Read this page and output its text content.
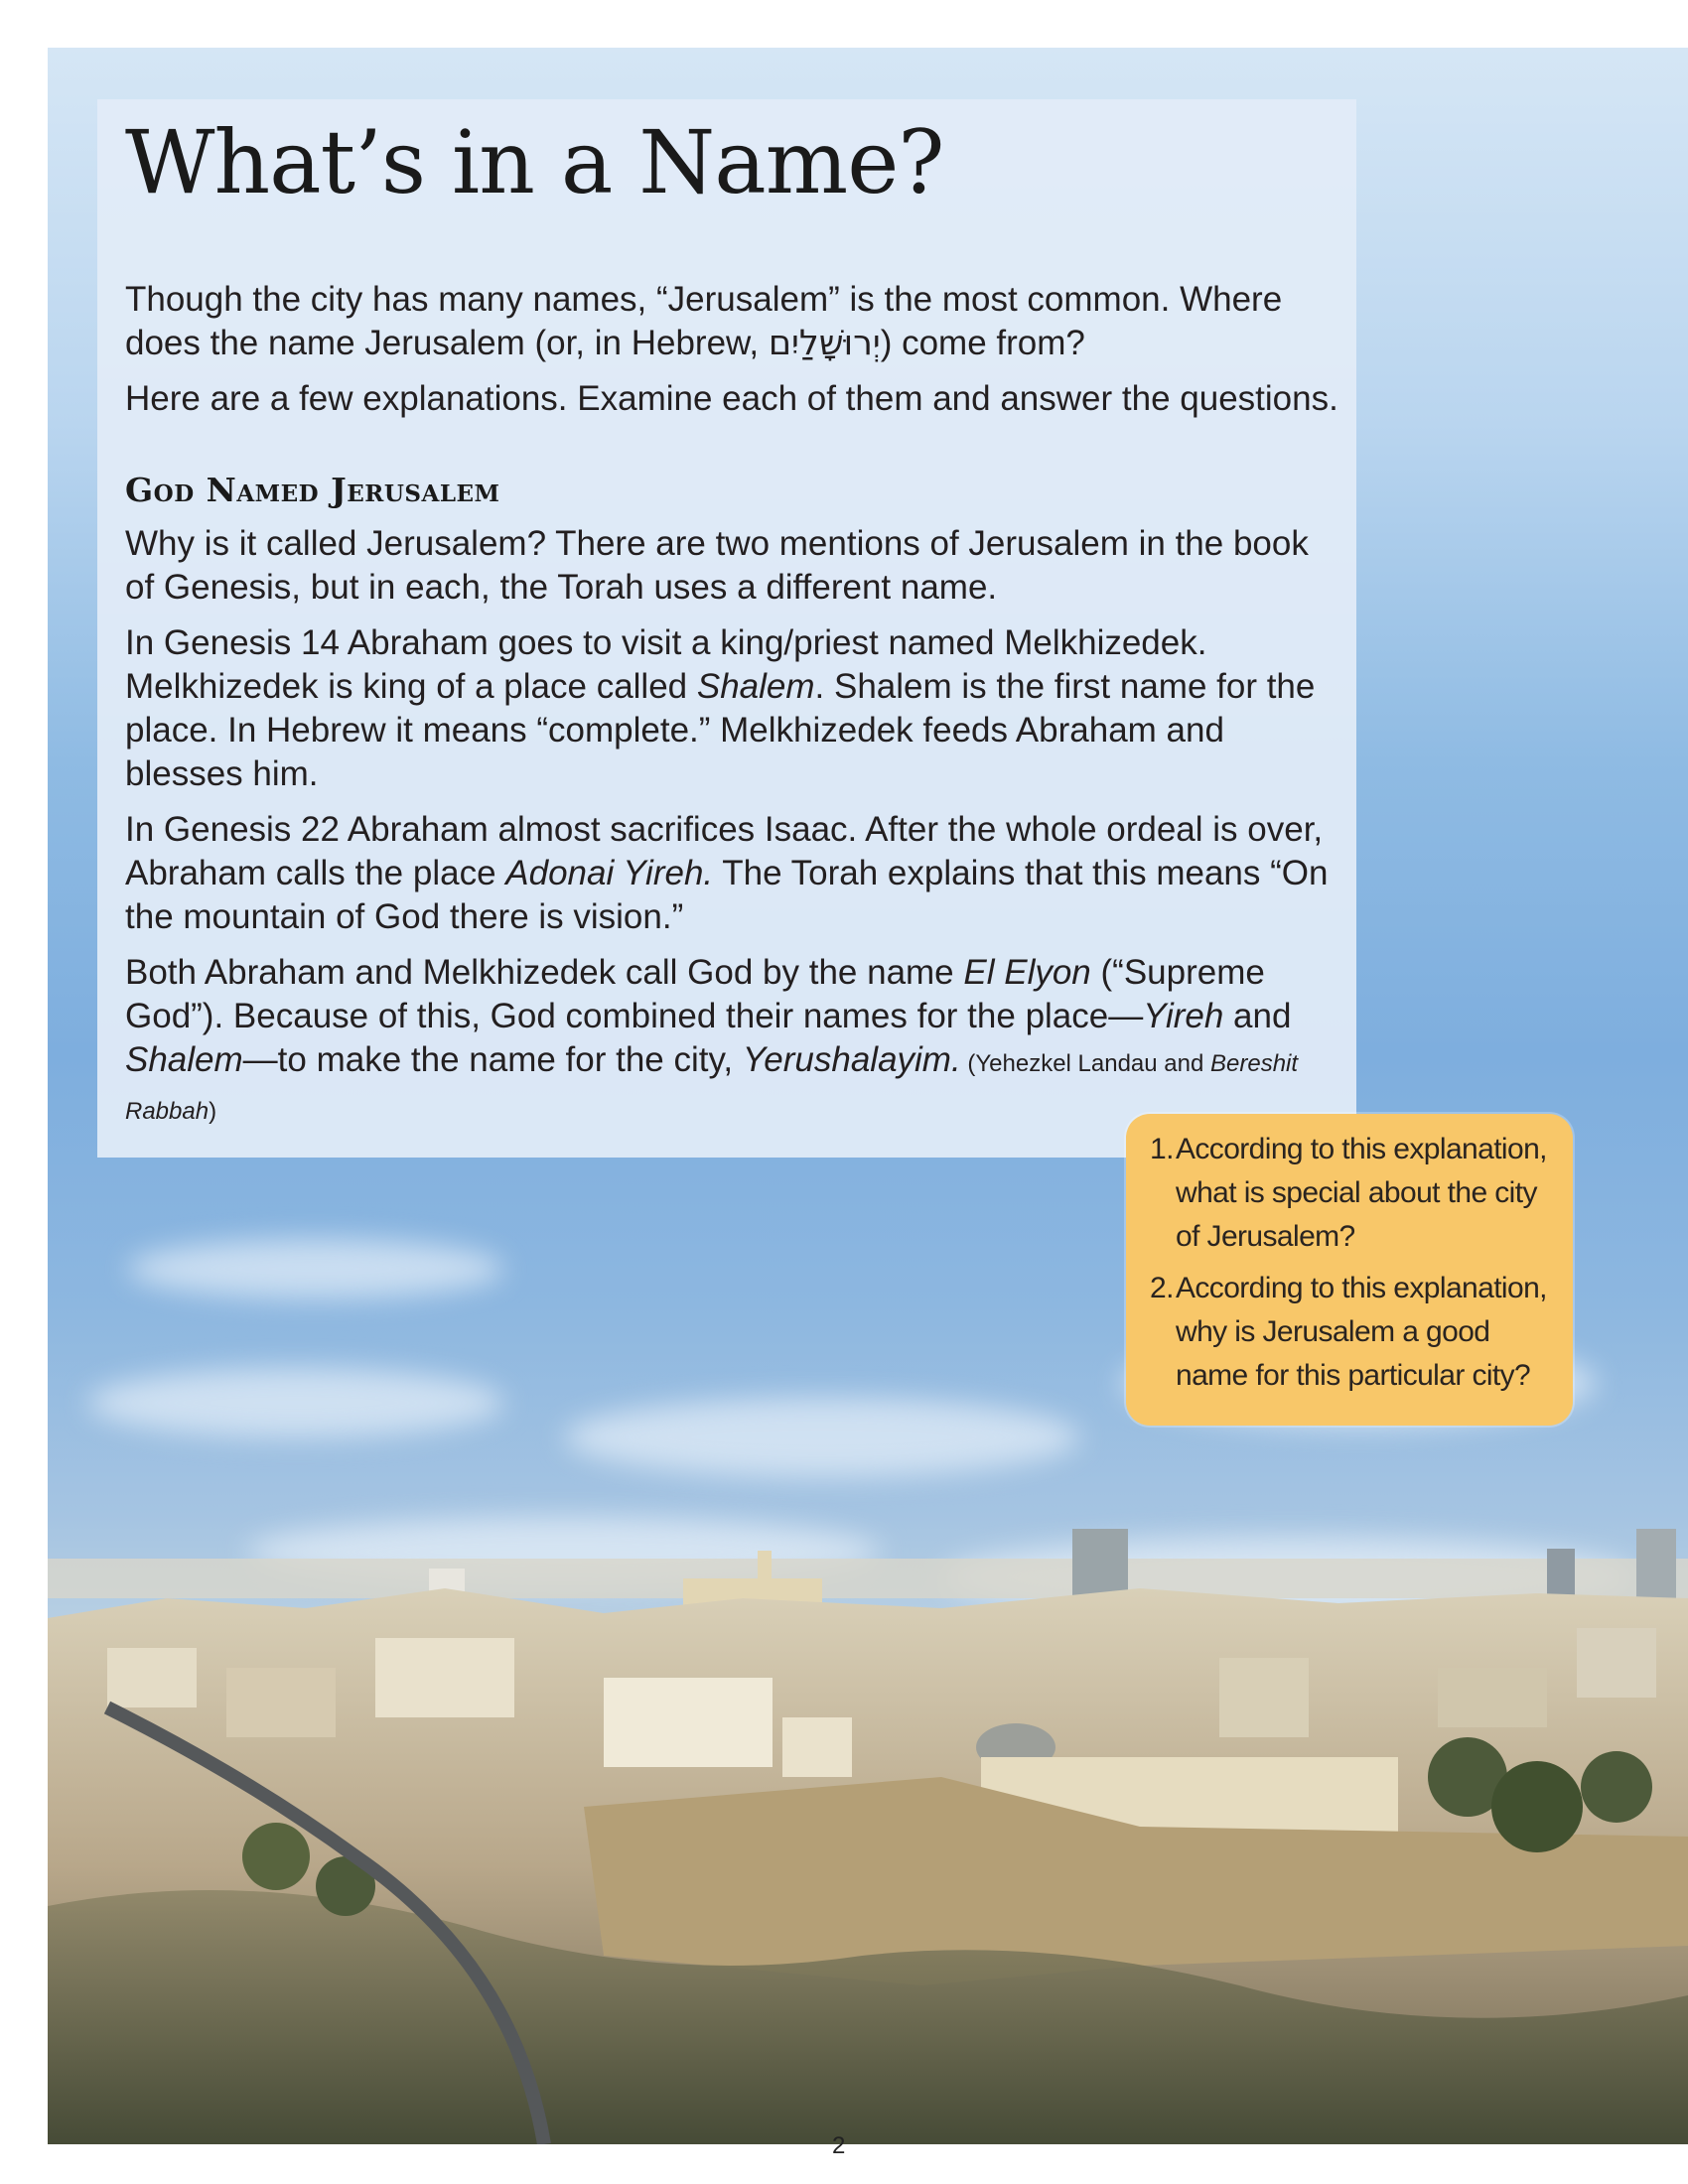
What’s in a Name?

Though the city has many names, “Jerusalem” is the most common. Where does the name Jerusalem (or, in Hebrew, יְרוּשָׁלַיִם) come from?

Here are a few explanations. Examine each of them and answer the questions.

God Named Jerusalem

Why is it called Jerusalem? There are two mentions of Jerusalem in the book of Genesis, but in each, the Torah uses a different name.

In Genesis 14 Abraham goes to visit a king/priest named Melkhizedek. Melkhizedek is king of a place called Shalem. Shalem is the first name for the place. In Hebrew it means “complete.” Melkhizedek feeds Abraham and blesses him.

In Genesis 22 Abraham almost sacrifices Isaac. After the whole ordeal is over, Abraham calls the place Adonai Yireh. The Torah explains that this means “On the mountain of God there is vision.”

Both Abraham and Melkhizedek call God by the name El Elyon (“Supreme God”). Because of this, God combined their names for the place—Yireh and Shalem—to make the name for the city, Yerushalayim. (Yehezkel Landau and Bereshit Rabbah)

1. According to this explanation, what is special about the city of Jerusalem?
2. According to this explanation, why is Jerusalem a good name for this particular city?
2
